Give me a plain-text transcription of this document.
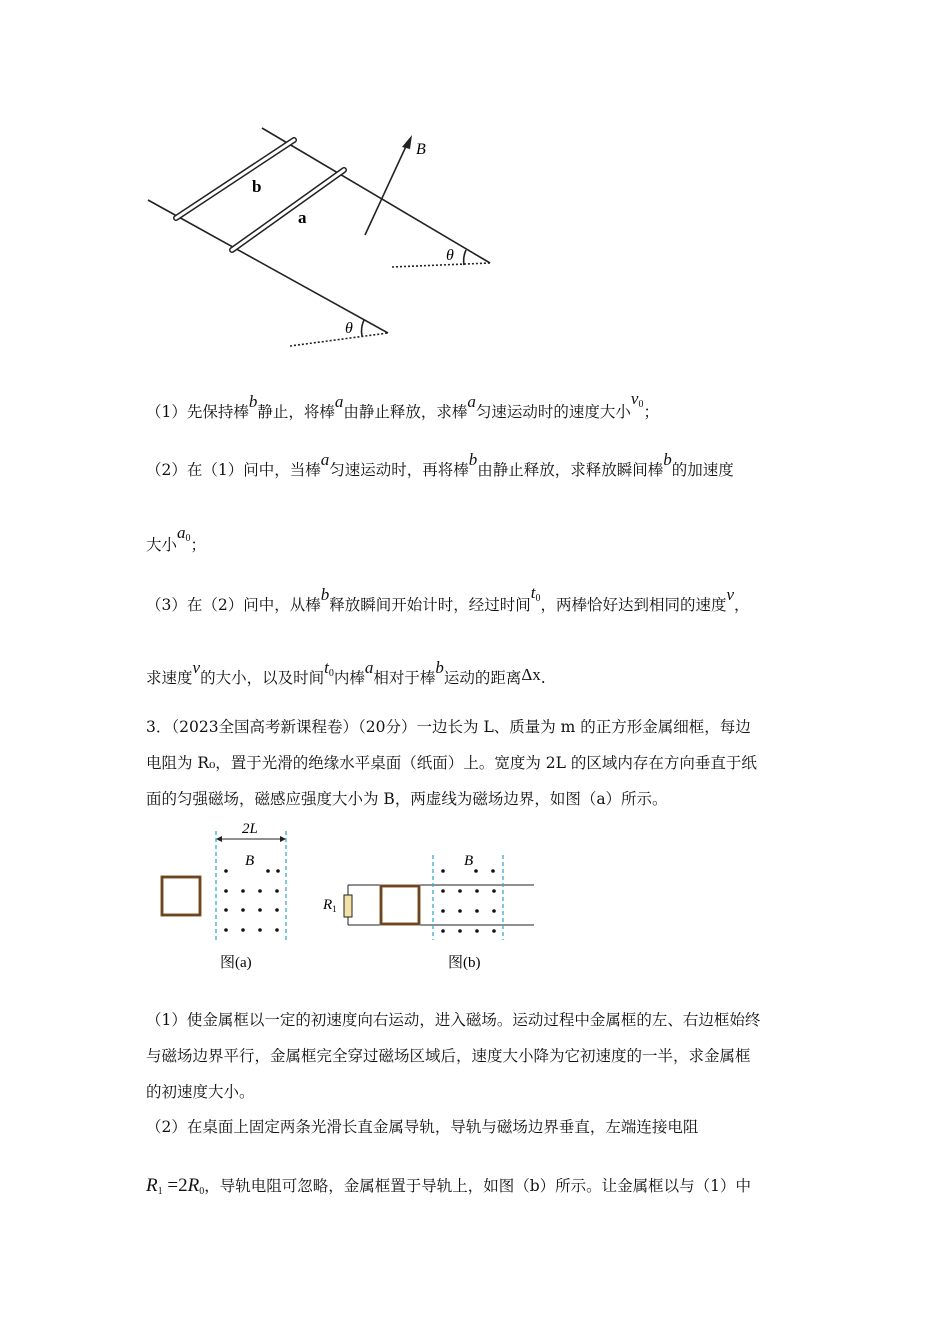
b
a
B
θ
θ
（1）先保持棒b静止，将棒a由静止释放，求棒a匀速运动时的速度大小$v_0$；
（2）在（1）问中，当棒a匀速运动时，再将棒b由静止释放，求释放瞬间棒b的加速度
大小$a_0$；
（3）在（2）问中，从棒b释放瞬间开始计时，经过时间$t_0$，两棒恰好达到相同的速度v，
求速度v的大小，以及时间$t_0$内棒a相对于棒b运动的距离Δx.
3．（2023全国高考新课程卷）（20分）一边长为 L、质量为 m 的正方形金属细框，每边
电阻为 R₀，置于光滑的绝缘水平桌面（纸面）上。宽度为 2L 的区域内存在方向垂直于纸
面的匀强磁场，磁感应强度大小为 B，两虚线为磁场边界，如图（a）所示。
2L
B
图(a)
$R_1$
B
图(b)
（1）使金属框以一定的初速度向右运动，进入磁场。运动过程中金属框的左、右边框始终
与磁场边界平行，金属框完全穿过磁场区域后，速度大小降为它初速度的一半，求金属框
的初速度大小。
（2）在桌面上固定两条光滑长直金属导轨，导轨与磁场边界垂直，左端连接电阻
$R_1 =2R_0$，导轨电阻可忽略，金属框置于导轨上，如图（b）所示。让金属框以与（1）中
